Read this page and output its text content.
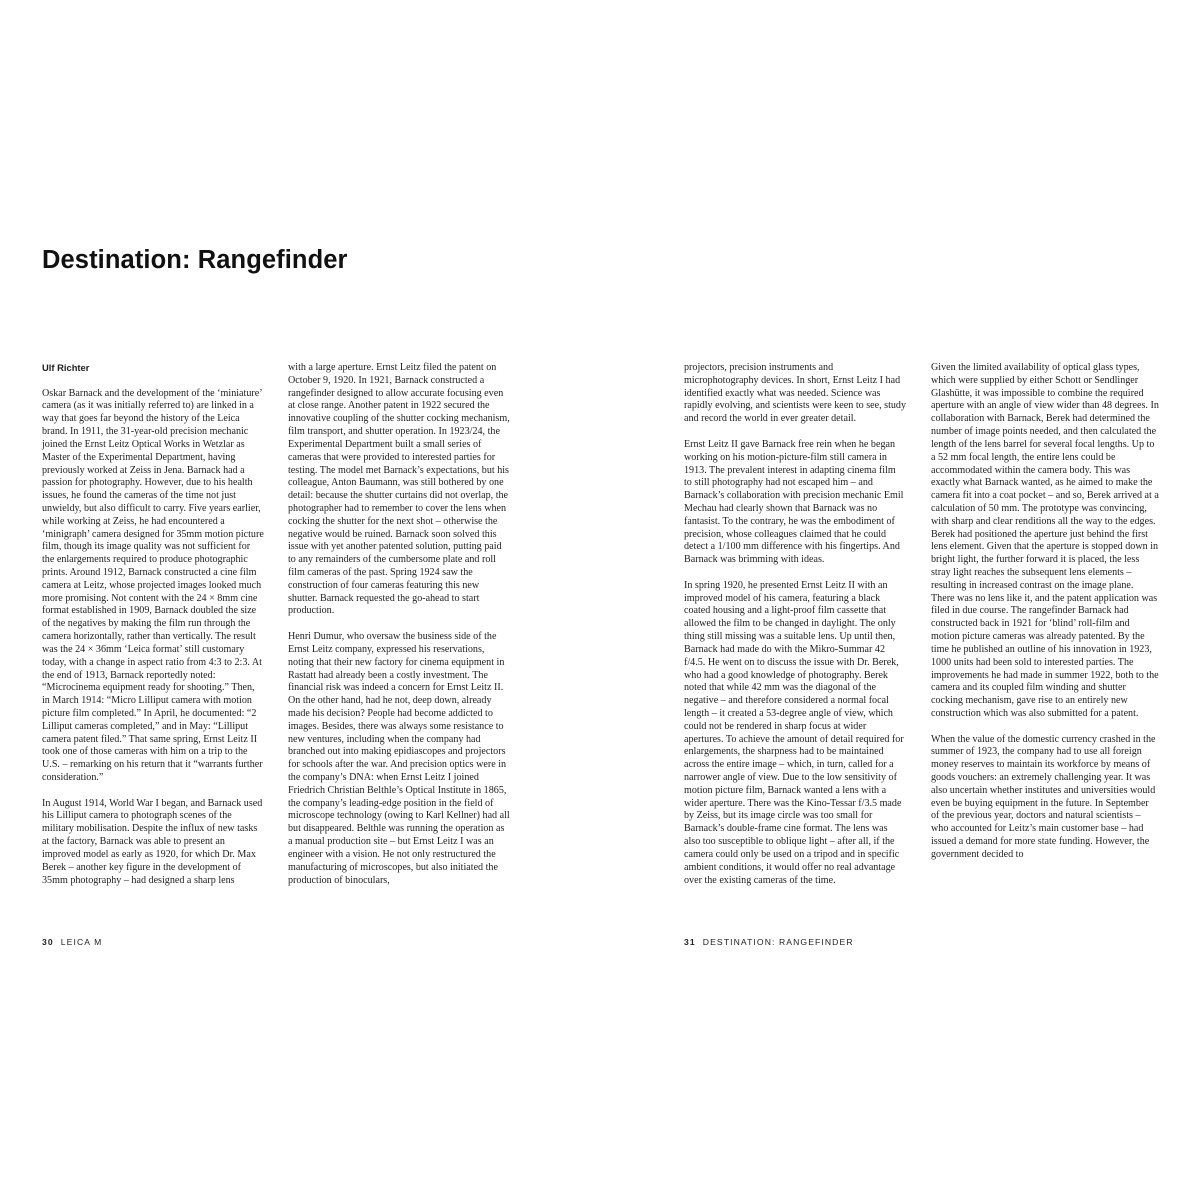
Destination: Rangefinder
Ulf Richter

Oskar Barnack and the development of the ‘miniature’ camera (as it was initially referred to) are linked in a way that goes far beyond the history of the Leica brand. In 1911, the 31-year-old precision mechanic joined the Ernst Leitz Optical Works in Wetzlar as Master of the Experimental Department, having previously worked at Zeiss in Jena. Barnack had a passion for photography. However, due to his health issues, he found the cameras of the time not just unwieldy, but also difficult to carry. Five years earlier, while working at Zeiss, he had encountered a ‘minigraph’ camera designed for 35mm motion picture film, though its image quality was not sufficient for the enlargements required to produce photographic prints. Around 1912, Barnack constructed a cine film camera at Leitz, whose projected images looked much more promising. Not content with the 24 × 8mm cine format established in 1909, Barnack doubled the size of the negatives by making the film run through the camera horizontally, rather than vertically. The result was the 24 × 36mm ‘Leica format’ still customary today, with a change in aspect ratio from 4:3 to 2:3. At the end of 1913, Barnack reportedly noted: “Microcinema equipment ready for shooting.” Then, in March 1914: “Micro Lilliput camera with motion picture film completed.” In April, he documented: “2 Lilliput cameras completed,” and in May: “Lilliput camera patent filed.” That same spring, Ernst Leitz II took one of those cameras with him on a trip to the U.S. – remarking on his return that it “warrants further consideration.”

In August 1914, World War I began, and Barnack used his Lilliput camera to photograph scenes of the military mobilisation. Despite the influx of new tasks at the factory, Barnack was able to present an improved model as early as 1920, for which Dr. Max Berek – another key figure in the development of 35mm photography – had designed a sharp lens

with a large aperture. Ernst Leitz filed the patent on October 9, 1920. In 1921, Barnack constructed a rangefinder designed to allow accurate focusing even at close range. Another patent in 1922 secured the innovative coupling of the shutter cocking mechanism, film transport, and shutter operation. In 1923/24, the Experimental Department built a small series of cameras that were provided to interested parties for testing. The model met Barnack’s expectations, but his colleague, Anton Baumann, was still bothered by one detail: because the shutter curtains did not overlap, the photographer had to remember to cover the lens when cocking the shutter for the next shot – otherwise the negative would be ruined. Barnack soon solved this issue with yet another patented solution, putting paid to any remainders of the cumbersome plate and roll film cameras of the past. Spring 1924 saw the construction of four cameras featuring this new shutter. Barnack requested the go-ahead to start production.

Henri Dumur, who oversaw the business side of the Ernst Leitz company, expressed his reservations, noting that their new factory for cinema equipment in Rastatt had already been a costly investment. The financial risk was indeed a concern for Ernst Leitz II. On the other hand, had he not, deep down, already made his decision? People had become addicted to images. Besides, there was always some resistance to new ventures, including when the company had branched out into making epidiascopes and projectors for schools after the war. And precision optics were in the company’s DNA: when Ernst Leitz I joined Friedrich Christian Belthle’s Optical Institute in 1865, the company’s leading-edge position in the field of microscope technology (owing to Karl Kellner) had all but disappeared. Belthle was running the operation as a manual production site – but Ernst Leitz I was an engineer with a vision. He not only restructured the manufacturing of microscopes, but also initiated the production of binoculars,

projectors, precision instruments and microphotography devices. In short, Ernst Leitz I had identified exactly what was needed. Science was rapidly evolving, and scientists were keen to see, study and record the world in ever greater detail.

Ernst Leitz II gave Barnack free rein when he began working on his motion-picture-film still camera in 1913. The prevalent interest in adapting cinema film to still photography had not escaped him – and Barnack’s collaboration with precision mechanic Emil Mechau had clearly shown that Barnack was no fantasist. To the contrary, he was the embodiment of precision, whose colleagues claimed that he could detect a 1/100 mm difference with his fingertips. And Barnack was brimming with ideas.

In spring 1920, he presented Ernst Leitz II with an improved model of his camera, featuring a black coated housing and a light-proof film cassette that allowed the film to be changed in daylight. The only thing still missing was a suitable lens. Up until then, Barnack had made do with the Mikro-Summar 42 f/4.5. He went on to discuss the issue with Dr. Berek, who had a good knowledge of photography. Berek noted that while 42 mm was the diagonal of the negative – and therefore considered a normal focal length – it created a 53-degree angle of view, which could not be rendered in sharp focus at wider apertures. To achieve the amount of detail required for enlargements, the sharpness had to be maintained across the entire image – which, in turn, called for a narrower angle of view. Due to the low sensitivity of motion picture film, Barnack wanted a lens with a wider aperture. There was the Kino-Tessar f/3.5 made by Zeiss, but its image circle was too small for Barnack’s double-frame cine format. The lens was also too susceptible to oblique light – after all, if the camera could only be used on a tripod and in specific ambient conditions, it would offer no real advantage over the existing cameras of the time.

Given the limited availability of optical glass types, which were supplied by either Schott or Sendlinger Glashütte, it was impossible to combine the required aperture with an angle of view wider than 48 degrees. In collaboration with Barnack, Berek had determined the number of image points needed, and then calculated the length of the lens barrel for several focal lengths. Up to a 52 mm focal length, the entire lens could be accommodated within the camera body. This was exactly what Barnack wanted, as he aimed to make the camera fit into a coat pocket – and so, Berek arrived at a calculation of 50 mm. The prototype was convincing, with sharp and clear renditions all the way to the edges. Berek had positioned the aperture just behind the first lens element. Given that the aperture is stopped down in bright light, the further forward it is placed, the less stray light reaches the subsequent lens elements – resulting in increased contrast on the image plane. There was no lens like it, and the patent application was filed in due course. The rangefinder Barnack had constructed back in 1921 for ‘blind’ roll-film and motion picture cameras was already patented. By the time he published an outline of his innovation in 1923, 1000 units had been sold to interested parties. The improvements he had made in summer 1922, both to the camera and its coupled film winding and shutter cocking mechanism, gave rise to an entirely new construction which was also submitted for a patent.

When the value of the domestic currency crashed in the summer of 1923, the company had to use all foreign money reserves to maintain its workforce by means of goods vouchers: an extremely challenging year. It was also uncertain whether institutes and universities would even be buying equipment in the future. In September of the previous year, doctors and natural scientists – who accounted for Leitz’s main customer base – had issued a demand for more state funding. However, the government decided to

30 LEICA M	31 DESTINATION: RANGEFINDER
